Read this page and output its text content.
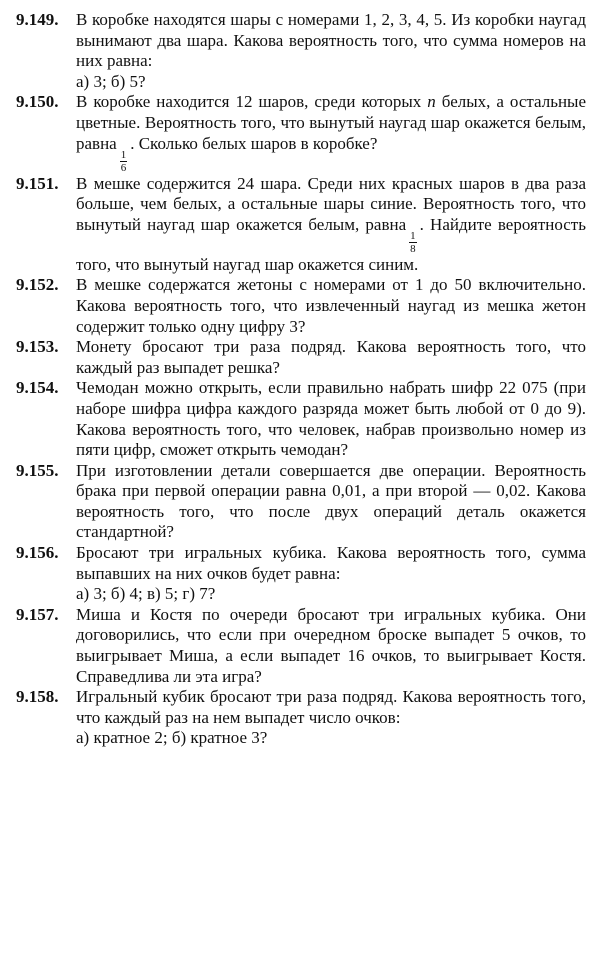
9.149.	В коробке находятся шары с номерами 1, 2, 3, 4, 5. Из коробки наугад вынимают два шара. Какова вероятность того, что сумма номеров на них равна:
а) 3; б) 5?
9.150.	В коробке находится 12 шаров, среди которых n белых, а остальные цветные. Вероятность того, что вынутый наугад шар окажется белым, равна
$\frac{1}{6}$
. Сколько белых шаров в коробке?
9.151.	В мешке содержится 24 шара. Среди них красных шаров в два раза больше, чем белых, а остальные шары синие. Вероятность того, что вынутый наугад шар окажется белым, равна
$\frac{1}{8}$
. Найдите вероятность того, что вынутый наугад шар окажется синим.
9.152.	В мешке содержатся жетоны с номерами от 1 до 50 включительно. Какова вероятность того, что извлеченный наугад из мешка жетон содержит только одну цифру 3?
9.153.	Монету бросают три раза подряд. Какова вероятность того, что каждый раз выпадет решка?
9.154.	Чемодан можно открыть, если правильно набрать шифр 22 075 (при наборе шифра цифра каждого разряда может быть любой от 0 до 9). Какова вероятность того, что человек, набрав произвольно номер из пяти цифр, сможет открыть чемодан?
9.155.	При изготовлении детали совершается две операции. Вероятность брака при первой операции равна 0,01, а при второй — 0,02. Какова вероятность того, что после двух операций деталь окажется стандартной?
9.156.	Бросают три игральных кубика. Какова вероятность того, сумма выпавших на них очков будет равна:
а) 3; б) 4; в) 5; г) 7?
9.157.	Миша и Костя по очереди бросают три игральных кубика. Они договорились, что если при очередном броске выпадет 5 очков, то выигрывает Миша, а если выпадет 16 очков, то выигрывает Костя. Справедлива ли эта игра?
9.158.	Игральный кубик бросают три раза подряд. Какова вероятность того, что каждый раз на нем выпадет число очков:
а) кратное 2; б) кратное 3?
